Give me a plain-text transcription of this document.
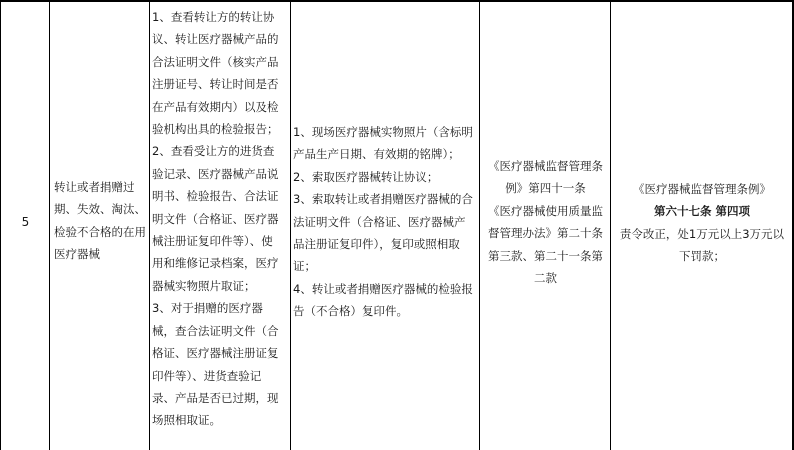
5
转让或者捐赠过
期、失效、淘汰、
检验不合格的在用
医疗器械
1、查看转让方的转让协
议、转让医疗器械产品的
合法证明文件（核实产品
注册证号、转让时间是否
在产品有效期内）以及检
验机构出具的检验报告；
2、查看受让方的进货查
验记录、医疗器械产品说
明书、检验报告、合法证
明文件（合格证、医疗器
械注册证复印件等）、使
用和维修记录档案，医疗
器械实物照片取证；
3、对于捐赠的医疗器
械，查合法证明文件（合
格证、医疗器械注册证复
印件等）、进货查验记
录、产品是否已过期，现
场照相取证。
1、现场医疗器械实物照片（含标明
产品生产日期、有效期的铭牌）；
2、索取医疗器械转让协议；
3、索取转让或者捐赠医疗器械的合
法证明文件（合格证、医疗器械产
品注册证复印件），复印或照相取
证；
4、转让或者捐赠医疗器械的检验报
告（不合格）复印件。
《医疗器械监督管理条
例》第四十一条
《医疗器械使用质量监
督管理办法》第二十条
第三款、第二十一条第
二款
《医疗器械监督管理条例》
第六十七条 第四项
责令改正，处1万元以上3万元以
下罚款；
